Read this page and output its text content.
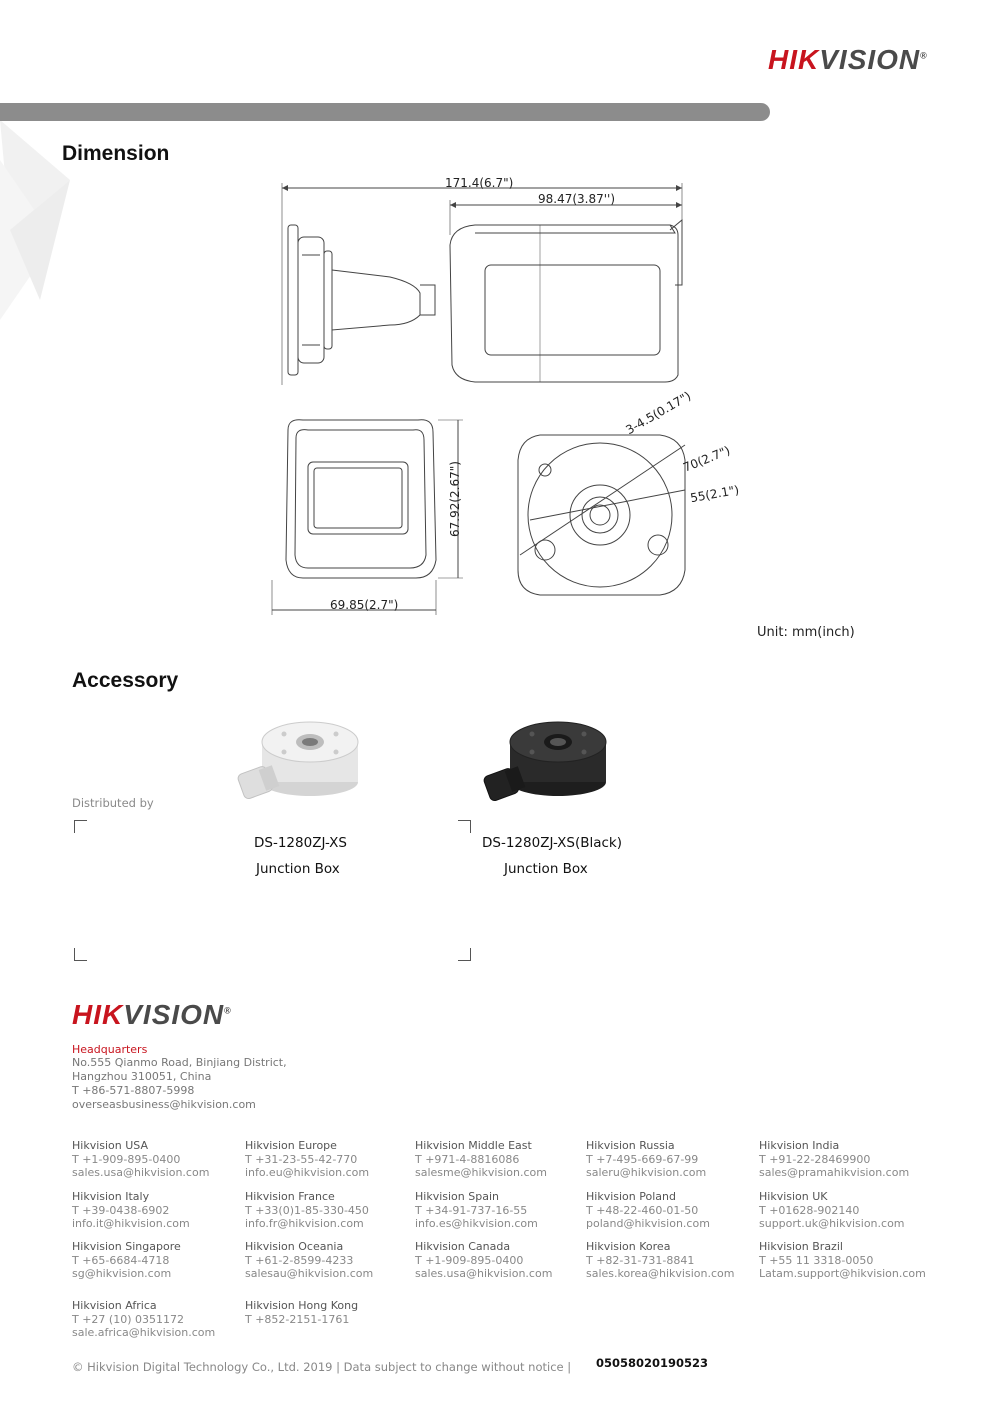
HIKVISION®
Dimension
171.4(6.7")
98.47(3.87'')
67.92(2.67")
69.85(2.7")
3-4.5(0.17")
70(2.7")
55(2.1")
Unit: mm(inch)
Accessory
Distributed by
DS-1280ZJ-XS
Junction Box
DS-1280ZJ-XS(Black)
Junction Box
HIKVISION®
Headquarters
No.555 Qianmo Road, Binjiang District,
Hangzhou 310051, China
T +86-571-8807-5998
overseasbusiness@hikvision.com
Hikvision USA
T +1-909-895-0400
sales.usa@hikvision.com
Hikvision Europe
T +31-23-55-42-770
info.eu@hikvision.com
Hikvision Middle East
T +971-4-8816086
salesme@hikvision.com
Hikvision Russia
T +7-495-669-67-99
saleru@hikvision.com
Hikvision India
T +91-22-28469900
sales@pramahikvision.com
Hikvision Italy
T +39-0438-6902
info.it@hikvision.com
Hikvision France
T +33(0)1-85-330-450
info.fr@hikvision.com
Hikvision Spain
T +34-91-737-16-55
info.es@hikvision.com
Hikvision Poland
T +48-22-460-01-50
poland@hikvision.com
Hikvision UK
T +01628-902140
support.uk@hikvision.com
Hikvision Singapore
T +65-6684-4718
sg@hikvision.com
Hikvision Oceania
T +61-2-8599-4233
salesau@hikvision.com
Hikvision Canada
T +1-909-895-0400
sales.usa@hikvision.com
Hikvision Korea
T +82-31-731-8841
sales.korea@hikvision.com
Hikvision Brazil
T +55 11 3318-0050
Latam.support@hikvision.com
Hikvision Africa
T +27 (10) 0351172
sale.africa@hikvision.com
Hikvision Hong Kong
T +852-2151-1761
© Hikvision Digital Technology Co., Ltd. 2019 | Data subject to change without notice | 05058020190523
